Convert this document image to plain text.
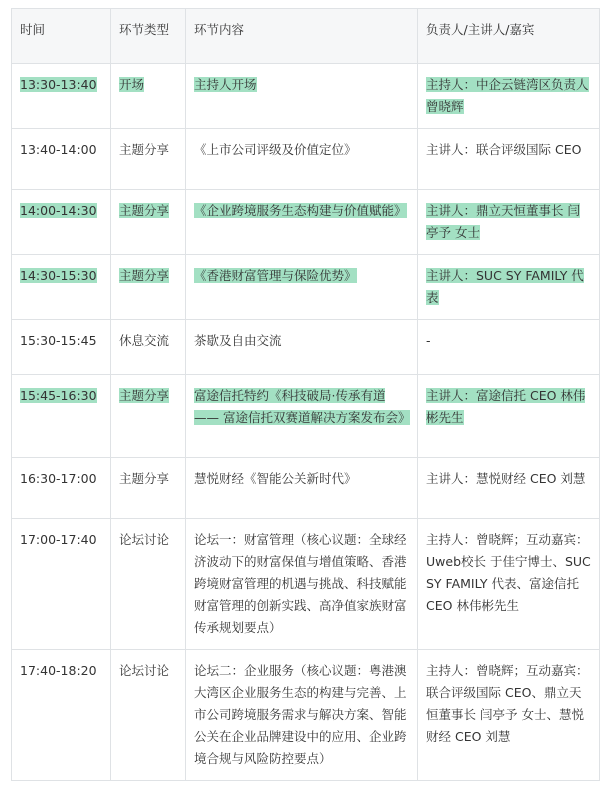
时间	环节类型	环节内容	负责人/主讲人/嘉宾
13:30-13:40	开场	主持人开场	主持人：中企云链湾区负责人 曾晓辉
13:40-14:00	主题分享	《上市公司评级及价值定位》	主讲人：联合评级国际 CEO
14:00-14:30	主题分享	《企业跨境服务生态构建与价值赋能》	主讲人：鼎立天恒董事长 闫亭予 女士
14:30-15:30	主题分享	《香港财富管理与保险优势》	主讲人：SUC SY FAMILY 代表
15:30-15:45	休息交流	茶歇及自由交流	-
15:45-16:30	主题分享	富途信托特约《科技破局·传承有道 —— 富途信托双赛道解决方案发布会》	主讲人：富途信托 CEO 林伟彬先生
16:30-17:00	主题分享	慧悦财经《智能公关新时代》	主讲人：慧悦财经 CEO 刘慧
17:00-17:40	论坛讨论	论坛一：财富管理（核心议题：全球经济波动下的财富保值与增值策略、香港跨境财富管理的机遇与挑战、科技赋能财富管理的创新实践、高净值家族财富传承规划要点）	主持人：曾晓辉；互动嘉宾：Uweb校长 于佳宁博士、SUC SY FAMILY 代表、富途信托 CEO 林伟彬先生
17:40-18:20	论坛讨论	论坛二：企业服务（核心议题：粤港澳大湾区企业服务生态的构建与完善、上市公司跨境服务需求与解决方案、智能公关在企业品牌建设中的应用、企业跨境合规与风险防控要点）	主持人：曾晓辉；互动嘉宾：联合评级国际 CEO、鼎立天恒董事长 闫亭予 女士、慧悦财经 CEO 刘慧
